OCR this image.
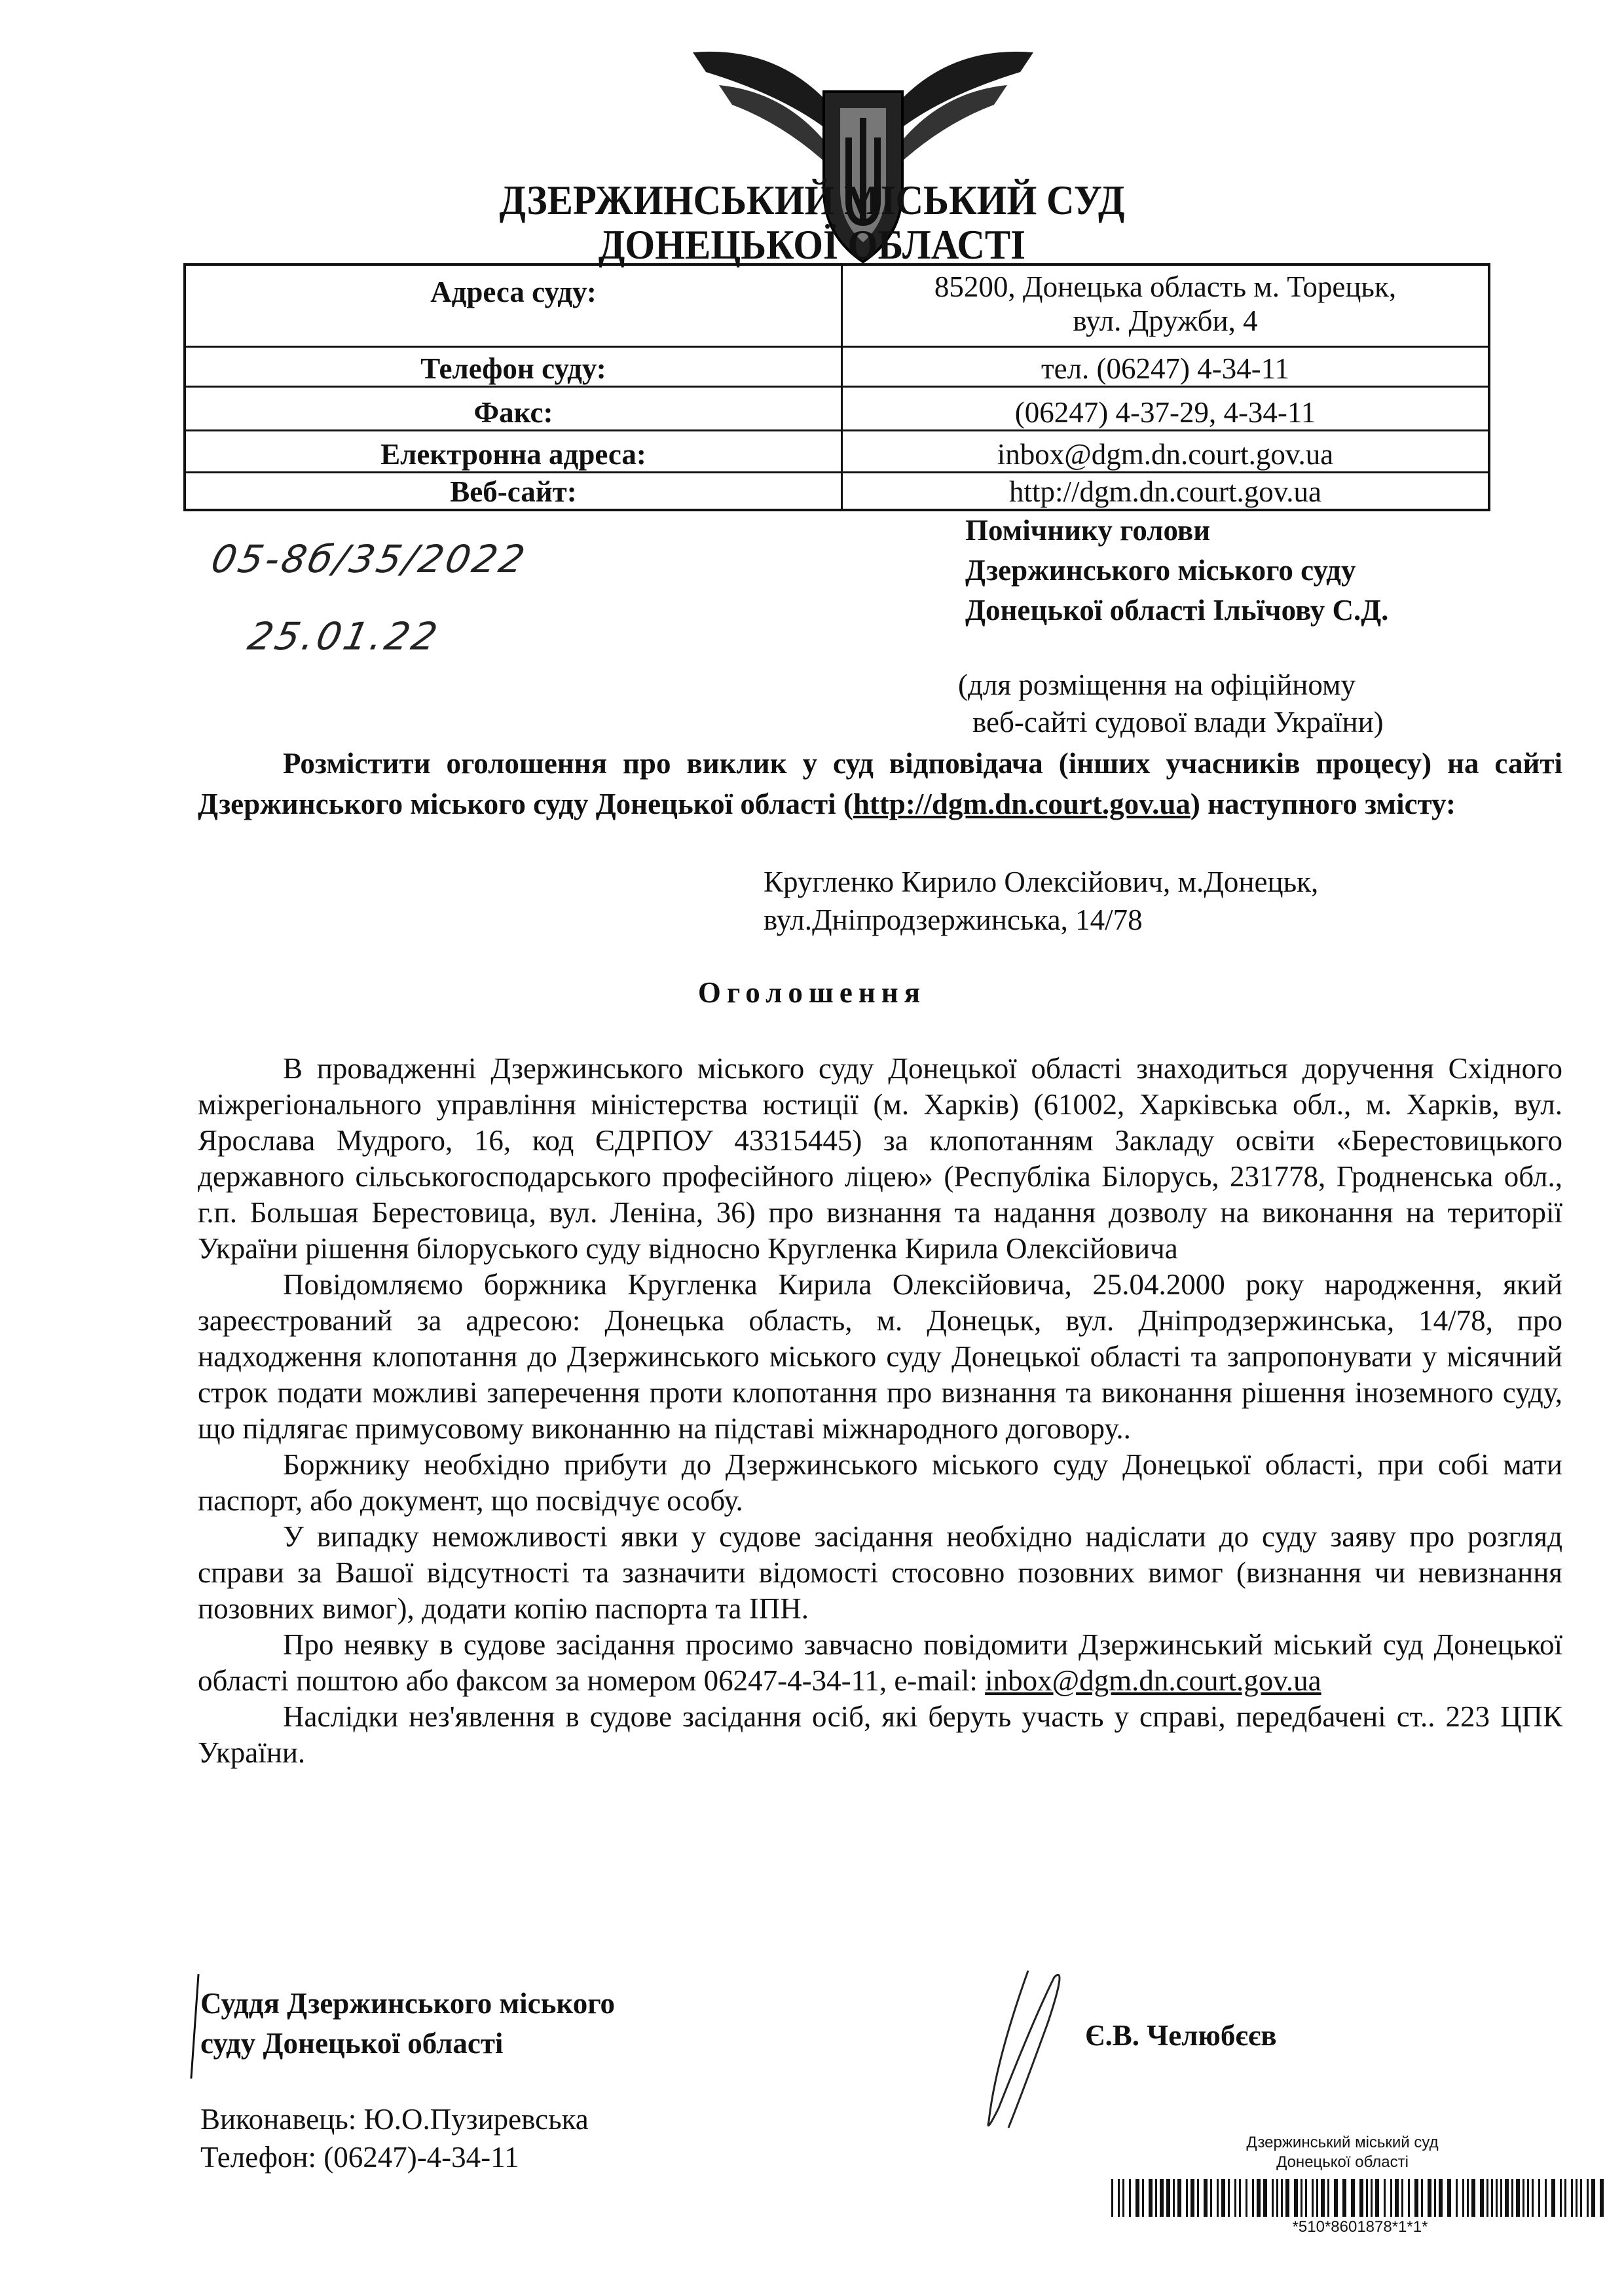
ДЗЕРЖИНСЬКИЙ МІСЬКИЙ СУД
ДОНЕЦЬКОЇ ОБЛАСТІ
Адреса суду:	85200, Донецька область м. Торецьк,
вул. Дружби, 4

Телефон суду:	тел. (06247) 4-34-11
Факс:	(06247) 4-37-29, 4-34-11
Електронна адреса:	inbox@dgm.dn.court.gov.ua
Веб-сайт:	http://dgm.dn.court.gov.ua
05-8б/35/2022
25.01.22
Помічнику голови
Дзержинського міського суду
Донецької області Ільїчову С.Д.
(для розміщення на офіційному
веб-сайті судової влади України)
Розмістити оголошення про виклик у суд відповідача (інших учасників процесу) на сайті Дзержинського міського суду Донецької області (http://dgm.dn.court.gov.ua) наступного змісту:
Кругленко Кирило Олексійович, м.Донецьк,
вул.Дніпродзержинська, 14/78
Оголошення

В провадженні Дзержинського міського суду Донецької області знаходиться доручення Східного міжрегіонального управління міністерства юстиції (м. Харків) (61002, Харківська обл., м. Харків, вул. Ярослава Мудрого, 16, код ЄДРПОУ 43315445) за клопотанням Закладу освіти «Берестовицького державного сільськогосподарського професійного ліцею» (Республіка Білорусь, 231778, Гродненська обл., г.п. Большая Берестовица, вул. Леніна, 36) про визнання та надання дозволу на виконання на території України рішення білоруського суду відносно Кругленка Кирила Олексійовича

Повідомляємо боржника Кругленка Кирила Олексійовича, 25.04.2000 року народження, який зареєстрований за адресою: Донецька область, м. Донецьк, вул. Дніпродзержинська, 14/78, про надходження клопотання до Дзержинського міського суду Донецької області та запропонувати у місячний строк подати можливі заперечення проти клопотання про визнання та виконання рішення іноземного суду, що підлягає примусовому виконанню на підставі міжнародного договору..

Боржнику необхідно прибути до Дзержинського міського суду Донецької області, при собі мати паспорт, або документ, що посвідчує особу.

У випадку неможливості явки у судове засідання необхідно надіслати до суду заяву про розгляд справи за Вашої відсутності та зазначити відомості стосовно позовних вимог (визнання чи невизнання позовних вимог), додати копію паспорта та ІПН.

Про неявку в судове засідання просимо завчасно повідомити Дзержинський міський суд Донецької області поштою або факсом за номером 06247-4-34-11, e-mail: inbox@dgm.dn.court.gov.ua

Наслідки нез'явлення в судове засідання осіб, які беруть участь у справі, передбачені ст.. 223 ЦПК України.

Суддя Дзержинського міського
суду Донецької області	Є.В. Челюбєєв
Виконавець: Ю.О.Пузиревська
Телефон: (06247)-4-34-11	Дзержинський міський суд
Донецької області
*510*8601878*1*1*
